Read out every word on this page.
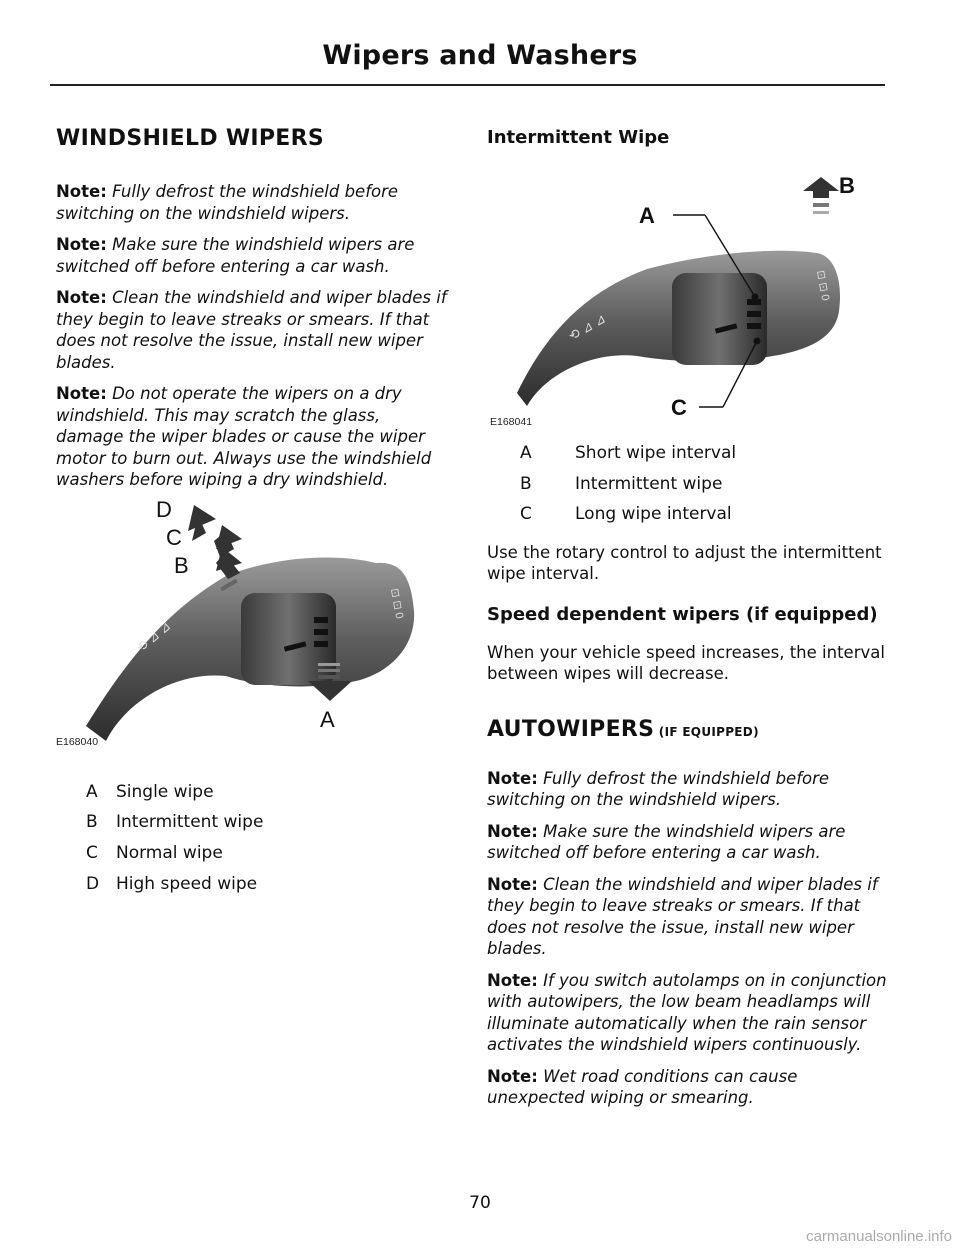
Wipers and Washers
WINDSHIELD WIPERS

Note: Fully defrost the windshield before switching on the windshield wipers.

Note: Make sure the windshield wipers are switched off before entering a car wash.

Note: Clean the windshield and wiper blades if they begin to leave streaks or smears. If that does not resolve the issue, install new wiper blades.

Note: Do not operate the wipers on a dry windshield. This may scratch the glass, damage the wiper blades or cause the wiper motor to burn out. Always use the windshield washers before wiping a dry windshield.

⟲ ⊿ ⊿
⊡ ⊡ 0
D
C
B
A
E168040
A	Single wipe
B	Intermittent wipe
C	Normal wipe
D High speed wipe
Intermittent Wipe
⟲ ⊿ ⊿
⊡ ⊡ 0
A
B
C
E168041
A	Short wipe interval
B	Intermittent wipe
C	Long wipe interval

Use the rotary control to adjust the intermittent wipe interval.

Speed dependent wipers (if equipped)

When your vehicle speed increases, the interval between wipes will decrease.

AUTOWIPERS (IF EQUIPPED)

Note: Fully defrost the windshield before switching on the windshield wipers.

Note: Make sure the windshield wipers are switched off before entering a car wash.

Note: Clean the windshield and wiper blades if they begin to leave streaks or smears. If that does not resolve the issue, install new wiper blades.

Note: If you switch autolamps on in conjunction with autowipers, the low beam headlamps will illuminate automatically when the rain sensor activates the windshield wipers continuously.

Note: Wet road conditions can cause unexpected wiping or smearing.

70
carmanualsonline.info
